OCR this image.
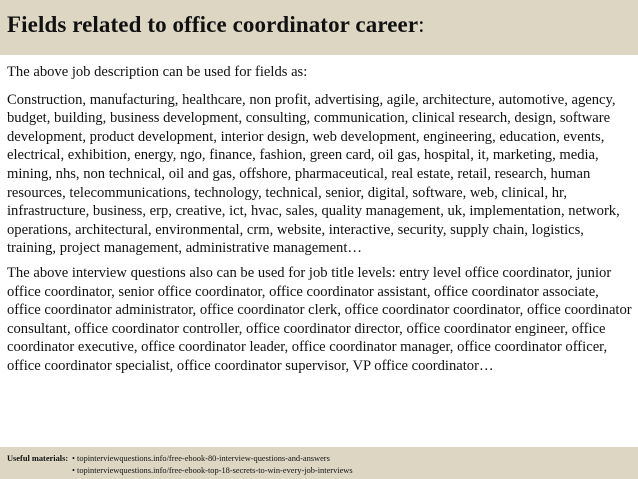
Fields related to office coordinator career:

The above job description can be used for fields as:

Construction, manufacturing, healthcare, non profit, advertising, agile, architecture, automotive, agency, budget, building, business development, consulting, communication, clinical research, design, software development, product development, interior design, web development, engineering, education, events, electrical, exhibition, energy, ngo, finance, fashion, green card, oil gas, hospital, it, marketing, media, mining, nhs, non technical, oil and gas, offshore, pharmaceutical, real estate, retail, research, human resources, telecommunications, technology, technical, senior, digital, software, web, clinical, hr, infrastructure, business, erp, creative, ict, hvac, sales, quality management, uk, implementation, network, operations, architectural, environmental, crm, website, interactive, security, supply chain, logistics, training, project management, administrative management…

The above interview questions also can be used for job title levels: entry level office coordinator, junior office coordinator, senior office coordinator, office coordinator assistant, office coordinator associate, office coordinator administrator, office coordinator clerk, office coordinator coordinator, office coordinator consultant, office coordinator controller, office coordinator director, office coordinator engineer, office coordinator executive, office coordinator leader, office coordinator manager, office coordinator officer, office coordinator specialist, office coordinator supervisor, VP office coordinator…

Useful materials: • topinterviewquestions.info/free-ebook-80-interview-questions-and-answers
• topinterviewquestions.info/free-ebook-top-18-secrets-to-win-every-job-interviews
